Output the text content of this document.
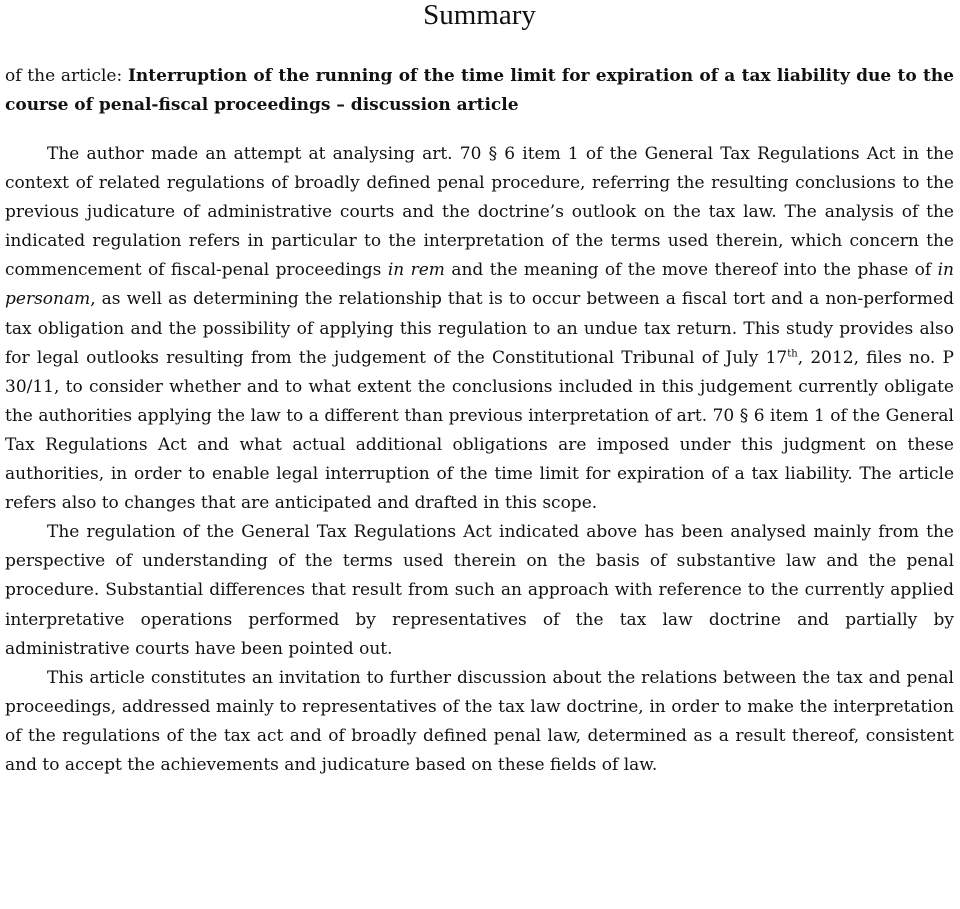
Summary
of the article: Interruption of the running of the time limit for expiration of a tax liability due to the course of penal-fiscal proceedings – discussion article

The author made an attempt at analysing art. 70 § 6 item 1 of the General Tax Regulations Act in the context of related regulations of broadly defined penal procedure, referring the resulting conclusions to the previous judicature of administrative courts and the doctrine’s outlook on the tax law. The analysis of the indicated regulation refers in particular to the interpretation of the terms used therein, which concern the commencement of fiscal-penal proceedings in rem and the meaning of the move thereof into the phase of in personam, as well as determining the relationship that is to occur between a fiscal tort and a non-performed tax obligation and the possibility of applying this regulation to an undue tax return. This study provides also for legal outlooks resulting from the judgement of the Constitutional Tribunal of July 17th, 2012, files no. P 30/11, to consider whether and to what extent the conclusions included in this judgement currently obligate the authorities applying the law to a different than previous interpretation of art. 70 § 6 item 1 of the General Tax Regulations Act and what actual additional obligations are imposed under this judgment on these authorities, in order to enable legal interruption of the time limit for expiration of a tax liability. The article refers also to changes that are anticipated and drafted in this scope.

The regulation of the General Tax Regulations Act indicated above has been analysed mainly from the perspective of understanding of the terms used therein on the basis of substantive law and the penal procedure. Substantial differences that result from such an approach with reference to the currently applied interpretative operations performed by representatives of the tax law doctrine and partially by administrative courts have been pointed out.

This article constitutes an invitation to further discussion about the relations between the tax and penal proceedings, addressed mainly to representatives of the tax law doctrine, in order to make the interpretation of the regulations of the tax act and of broadly defined penal law, determined as a result thereof, consistent and to accept the achievements and judicature based on these fields of law.
